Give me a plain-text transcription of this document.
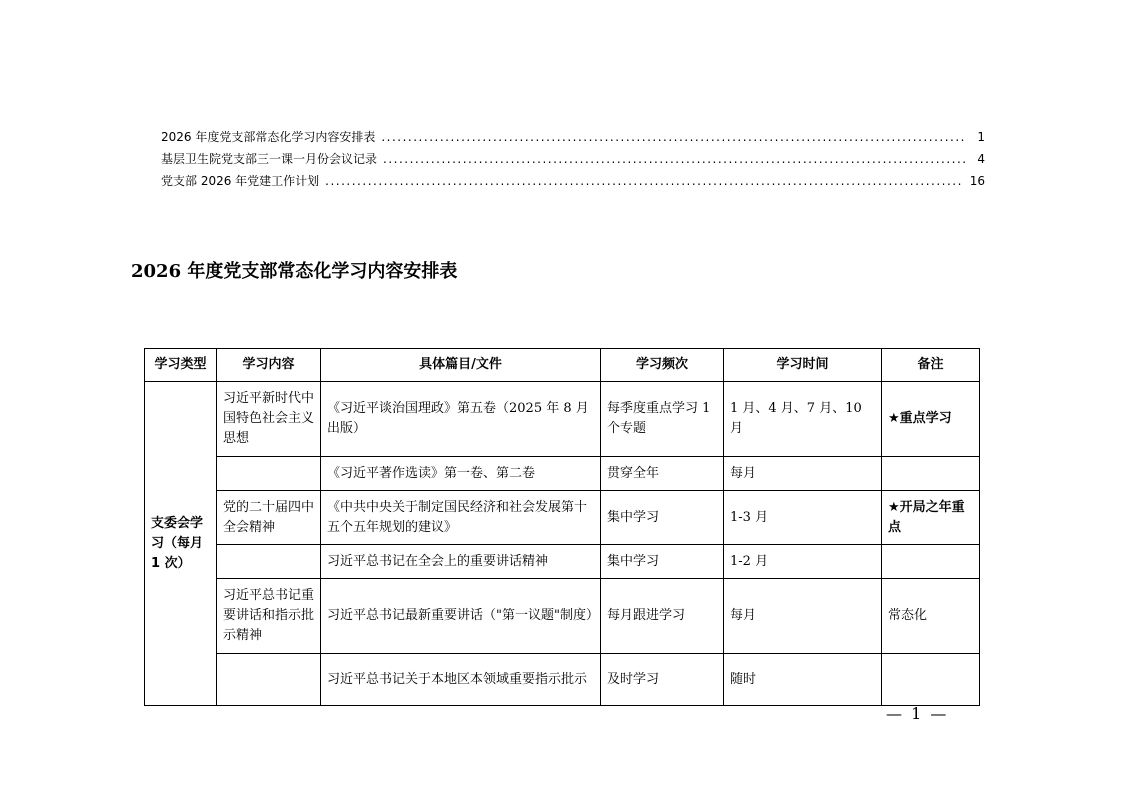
2026 年度党支部常态化学习内容安排表 .....	1
基层卫生院党支部三一课一月份会议记录 .....	4
党支部 2026 年党建工作计划 .....	16
2026 年度党支部常态化学习内容安排表
学习类型	学习内容	具体篇目/文件	学习频次	学习时间	备注
支委会学习（每月 1 次）	习近平新时代中国特色社会主义思想	《习近平谈治国理政》第五卷（2025 年 8 月出版）	每季度重点学习 1 个专题	1 月、4 月、7 月、10 月	★重点学习
		《习近平著作选读》第一卷、第二卷	贯穿全年	每月	
	党的二十届四中全会精神	《中共中央关于制定国民经济和社会发展第十五个五年规划的建议》	集中学习	1-3 月	★开局之年重点
		习近平总书记在全会上的重要讲话精神	集中学习	1-2 月	
	习近平总书记重要讲话和指示批示精神	习近平总书记最新重要讲话（"第一议题"制度）	每月跟进学习	每月	常态化
		习近平总书记关于本地区本领域重要指示批示	及时学习	随时	
— 1 —
